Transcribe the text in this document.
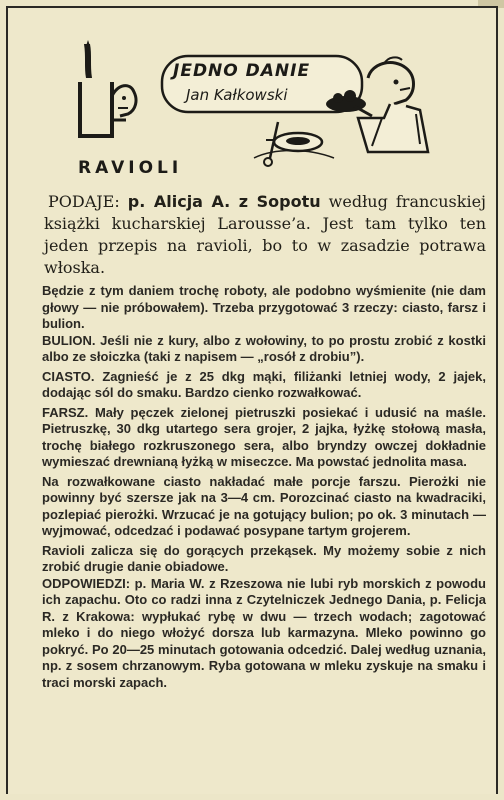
RAVIOLI
JEDNO DANIE
Jan Kałkowski

PODAJE: p. Alicja A. z Sopotu według francuskiej książki kucharskiej Larousse’a. Jest tam tylko ten jeden przepis na ravioli, bo to w zasadzie potrawa włoska.

Będzie z tym daniem trochę roboty, ale podobno wyśmienite (nie dam głowy — nie próbowałem). Trzeba przygotować 3 rzeczy: ciasto, farsz i bulion.

BULION. Jeśli nie z kury, albo z wołowiny, to po prostu zrobić z kostki albo ze słoiczka (taki z napisem — „rosół z drobiu”).

CIASTO. Zagnieść je z 25 dkg mąki, filiżanki letniej wody, 2 jajek, dodając sól do smaku. Bardzo cienko rozwałkować.

FARSZ. Mały pęczek zielonej pietruszki posiekać i udusić na maśle. Pietruszkę, 30 dkg utartego sera grojer, 2 jajka, łyżkę stołową masła, trochę białego rozkruszonego sera, albo bryndzy owczej dokładnie wymieszać drewnianą łyżką w miseczce. Ma powstać jednolita masa.

Na rozwałkowane ciasto nakładać małe porcje farszu. Pierożki nie powinny być szersze jak na 3—4 cm. Porozcinać ciasto na kwadraciki, pozlepiać pierożki. Wrzucać je na gotujący bulion; po ok. 3 minutach — wyjmować, odcedzać i podawać posypane tartym grojerem.

Ravioli zalicza się do gorących przekąsek. My możemy sobie z nich zrobić drugie danie obiadowe.

ODPOWIEDZI: p. Maria W. z Rzeszowa nie lubi ryb morskich z powodu ich zapachu. Oto co radzi inna z Czytelniczek Jednego Dania, p. Felicja R. z Krakowa: wypłukać rybę w dwu — trzech wodach; zagotować mleko i do niego włożyć dorsza lub karmazyna. Mleko powinno go pokryć. Po 20—25 minutach gotowania odcedzić. Dalej według uznania, np. z sosem chrzanowym. Ryba gotowana w mleku zyskuje na smaku i traci morski zapach.
